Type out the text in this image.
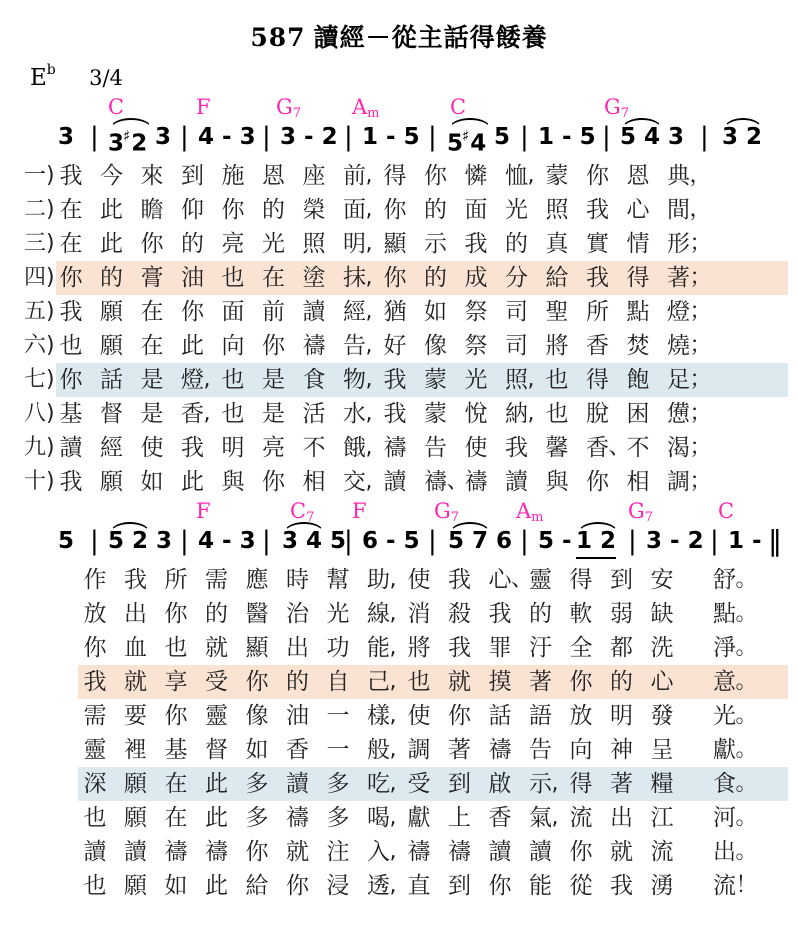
587 讀經－從主話得餧養
$E^b$ 3/4
C	F	G7 Am	C	G7
3 | 3♯2 3 | 4 - 3 | 3 - 2 | 1 - 5 | 5♯4 5 | 1 - 5 | 5 4 3 | 3 2
一) 我 今 來 到 施 恩 座 前 , 得 你 憐 恤 , 蒙 你 恩 典 ，
二) 在 此 瞻 仰 你 的 榮 面 , 你 的 面 光 照 我 心 間 ，
三) 在 此 你 的 亮 光 照 明 , 顯 示 我 的 真 實 情 形 ；
四) 你 的 膏 油 也 在 塗 抹 , 你 的 成 分 給 我 得 著 ；
五) 我 願 在 你 面 前 讀 經 , 猶 如 祭 司 聖 所 點 燈 ；
六) 也 願 在 此 向 你 禱 告 , 好 像 祭 司 將 香 焚 燒 ；
七) 你 話 是 燈 , 也 是 食 物 , 我 蒙 光 照 , 也 得 飽 足 ；
八) 基 督 是 香 , 也 是 活 水 , 我 蒙 悅 納 , 也 脫 困 憊 ；
九) 讀 經 使 我 明 亮 不 餓 , 禱 告 使 我 馨 香 、
不 渴 ；
十) 我 願 如 此 與 你 相 交 , 讀 禱 、
禱 讀 與 你 相 調 ；
F	C7 F	G7	Am	G7	C
5 | 5 2 3 | 4 - 3 | 3 4 5
| 6 - 5 | 5 7 6 | 5 - 1 2 | 3 - 2 | 1 - ‖
作 我 所 需 應 時 幫 助 , 使 我 心 、
靈 得 到 安 舒 。
放 出 你 的 醫 治 光 線 , 消 殺 我 的 軟 弱 缺 點 。
你 血 也 就 顯 出 功 能 , 將 我 罪 汙 全 都 洗 淨 。
我 就 享 受 你 的 自 己 , 也 就 摸 著 你 的 心 意 。
需 要 你 靈 像 油 一 樣 , 使 你 話 語 放 明 發 光 。
靈 裡 基 督 如 香 一 般 , 調 著 禱 告 向 神 呈 獻 。
深 願 在 此 多 讀 多 吃 , 受 到 啟 示 , 得 著 糧 食 。
也 願 在 此 多 禱 多 喝 , 獻 上 香 氣 , 流 出 江 河 。
讀 讀 禱 禱 你 就 注 入 , 禱 禱 讀 讀 你 就 流 出 。
也 願 如 此 給 你 浸 透 , 直 到 你 能 從 我 湧 流 ！
